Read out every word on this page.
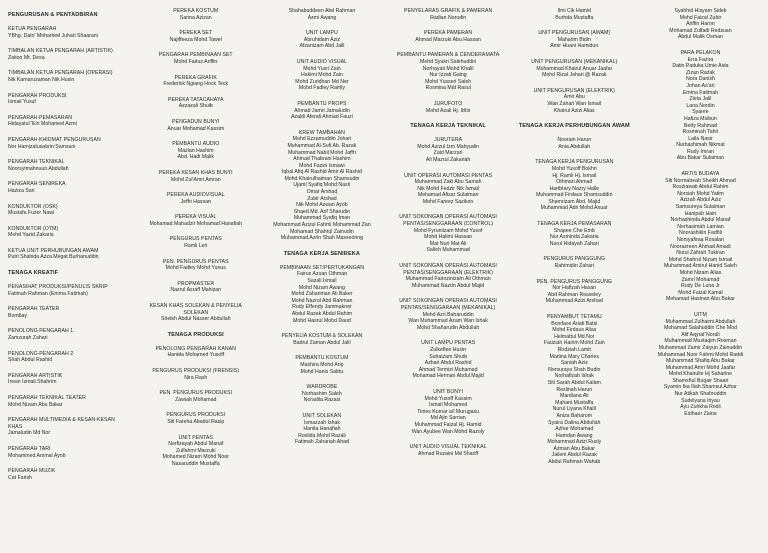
PENGURUSAN & PENTADBIRAN
KETUA PENGARAH
YBhg. Dato' Mohamed Juhari Shaarani
TIMBALAN KETUA PENGARAH (ARTISTIK)
Zaiton Mt. Desa
TIMBALAN KETUA PENGARAH (OPERASI)
Nik Kamaruzaman Nik Husin
PENGARAH PRODUKSI
Ismail Yusuf
PENGARAH PEMASARAN
Hidayatul 'Ein Mohamed Azmi
PENGARAH KHIDMAT PENGURUSAN
Nor Hamizatusabrin Samsuni
PENGARAH TEKNIKAL
Noorsyimahnuun Abdullah
PENGARAH SENIREKA
Haziza Sari
KONDUKTOR (OSK)
Mustafa Fuzer Nawi
KONDUKTOR (OTM)
Mohd Yazid Zakaria
KETUA UNIT PERHUBUNGAN AWAM
Putri Shahida Azza Megat Burhanuddin
TENAGA KREATIF
PENASIHAT PRODUKSI/PENULIS SKRIP
Fatimah Rahman (Emma Fatimah)
PENGARAH TEATER
Bombay
PENOLONG PENGARAH 1
Zamzurah Zahari
PENOLONG PENGARAH 2
Shah Abdul Rashid
PENGARAH ARTISTIK
Irwan Ismail Shahrim
PENGARAH TEKNIKAL TEATER
Mohd Nizam Abu Bakar
PENGARAH MULTIMEDIA & KESAN-KESAN
KHAS
Jamaludin Md Nor
PENGARAH TARI
Mohammed Ammal Ayob
PENGARAH MUZIK
Cat Farish
PEREKA KOSTUM
Sarina Azizan
PEREKA SET
Najiffeeza Mohd Tawel
PENGARAH PEMBINAAN SET
Mohd Fairuz Ariffin
PEREKA GRAFIK
Frederick Ngiang Hock Teck
PEREKA TATACAHAYA
Azzazali Shuib
PENGADUN BUNYI
Anuar Mohamad Kassim
PEMBANTU AUDIO
Mazlan Hashim
Abd. Hadi Malik
PEREKA KESAN KHAS BUNYI
Mohd Zul'Amri Amran
PEREKA AUDIOVISUAL
Jeffri Hassan
PEREKA VISUAL
Mohamad Mahadzir Mohamad Hanafiah
PENGURUS PENTAS
Ramli Leri
PEN. PENGURUS PENTAS
Mohd Fadley Mohd Yunus
PROPMASTER
Nazrul Asraff Mahizan
KESAN KHAS SOLEKAN & PENYELIA
SOLEKAN
Sheikh Abdul Nasser Abdullah
TENAGA PRODUKSI
PENOLONG PENGARAH KANAN
Hanida Mohamed Yusoff
PENGURUS PRODUKSI (FRENSIS)
Nira Rash
PEN. PENGURUS PRODUKSI
Zawiah Mohamad
PENGURUS PRODUKSI
Siti Fareha Abadul Rasip
UNIT PENTAS
Norfizayah Abdul Manaf
Zulfahmi Marzuki
Mohamed Nizam Mohd Noor
Nasaruddin Mustaffa
Shahabuddeen Abd Rahman
Azmi Awang
UNIT LAMPU
Abruhidam Aziz
Afzanizam Abd Jalil
UNIT AUDIO VISUAL
Mohd Yusri Zain
Hakimi Mohd Zain
Mohd Zuridhan Md Nor
Mohd Fadley Ramly
PEMBANTU PROPS
Ahmad Jamri Jamaludin
Azaldi Afendi Ahmad Fauzi
KREW TAMBAHAN
Mohd Ezzamuddin Johari
Muhammad Al-Sufi Ab. Razak
Muhammad Nabil Mohd Jaffri
Ahmad Thabrani Hashim
Mohd Fazwi Ismawi
Iqbal Afiq Al Rashid Amir Al Rashid
Mohd Khairulhaiman Shamsudin
Ujaml Syafiq Mohd Nasri
Omar Arshad
Zubir Arshad
Nik Mohd Azwan Ayob
Shaed Md. Arif Sharudin
Muhammad Syafiq Iman
Mohammad Azizul Fahmi Mohammad Zan
Mohamad Shahrul Zainudin
Muhammad Azrin Shah Masseoring
TENAGA KERJA SENIREKA
PEMBINAAN SET/PERTUKANGAN
Fairus Azuan Othman
Sazali Ismail
Mohd Nizam Awang
Mohd Zahariman Ali Baker
Mohd Nazrul Abd Rahman
Rudy Effendy Jammaknor
Abdul Razak Abdul Rahim
Mohd Hasrul Mohd Daud
PENYELIA KOSTUM & SOLEKAN
Badrul Zaman Abdul Jalil
PEMBANTU KOSTUM
Mashira Mohd Arip
Mohd Hanis Sabtu
WARDROBE
Norhashim Saleh
Noradila Razasi
UNIT SOLEKAN
Ismazzah Ishak
Hanita Hanafiah
Roslida Mohd Razali
Fatimah Zahariah Ahad
PENYELARAS GRAFIK & PAMERAN
Radian Norudin
PEREKA PAMERAN
Ahmad Marzuki Abu Hassan
PEMBANTU PAMERAN & CENDERAMATA
Mohd Syukri Salehuddin
Norhayati Mohd Khalil
Nur Izzati Gaing
Mohd Yusseri Saleh
Rosmina Mat Rasul
JURUFOTO
Mohd Azali Hj. Idris
TENAGA KERJA TEKNIKAL
JURUTERA
Mohd Azizul Izm Mahyudin
Zaid Marzan
Ali Mazrul Zakariah
UNIT OPERASI AUTOMASI PENTAS
Muhammad Zaki Abu Samah
Nik Mohd Fedzir Nik Ismail
Mohamad Afizar Sulaiman
Mohd Fareez Sazikon
UNIT SOKONGAN OPERASI AUTOMASI
PENTAS/SENGGARAAN (CONTROL)
Mohd Fyruniizam Mohd Yusof
Mohd Halimi Hassan
Mat Nuri Mat Ali
Salleh Muhammad
UNIT SOKONGAN OPERASI AUTOMASI
PENTAS/SENGGARAAN (ELEKTRIK)
Muhammad Fairozinizam Ali Othman
Muhammad Nazrin Abdul Majid
UNIT SOKONGAN OPERASI AUTOMASI
PENTAS/SENGGARAAN (MEKANIKAL)
Mohd Azri Baharuddin
Wan Muhammad Azam Wan Ishak
Mohd Shaharudin Abdullah
UNIT LAMPU PENTAS
Zulkeflee Husin
Suhaizam Shuib
Azhari Abdul Rashid
Ahmad Termizi Muhamad
Mohamad Herman Abdul Majid
UNIT BUNYI
Mohd Yusoff Kassim
Ismail Mohamed
Tinies Kumar a/l Murugasu
Md Ajin Sarnan
Muhammad Faizal Hj. Hamid
Wan Ayubee Wan Mohd Razoly
UNIT AUDIO VISUAL TEKNIKAL
Ahmad Ruzaini Md Shariff
Ilmi Cik Hamid
Burhda Mustaffa
UNIT PENGURUSAN (AWAM)
Maharim Bidin
Amir Huani Hamidun
UNIT PENGURUSAN (MEKANIKAL)
Muhammad Khairul Anuar Jaafar
Mohd Rizal Johari @ Razak
UNIT PENGURUSAN (ELEKTRIK)
Amir Abu
Wan Zahari Wan Ismail
Khairul Azizi Alias
TENAGA KERJA PERHUBUNGAN AWAM
Noorain Harun
Ania Abdullah
TENAGA KERJA PENGURUSAN
Mohd Yusoff Bokhri
Hj. Ramli Hj. Ismail
Othman Ahmad
Hartbtary Nazry Halle
Muhammad Firdaus Shamsuddin
Shamrizam Abd. Majid
Muhammad Adri Mohd Anuar
TENAGA KERJA PEMASARAN
Shapee Che Emb
Nur Asminda Zakaria
Nurul Hidayah Zahari
PENGURUS PANGGUNG
Rahimidin Zahari
PEN. PENGURUS PANGGUNG
Nor Hafizah Hasan
Abd Rahman Rosseley
Muhammad Azizi Arshad
PENYAMBUT TETAMU
Boniface Ariati Batsi
Mohd Firdaus Alias
Helmattul Md Nor
Fauziah Hairim Mohd Zain
Rodziah Lamit
Marlina Mary Charles
Saniah Aziz
Norsuraya Shah Budin
Norhafizah Ishak
Siti Sarah Abdul Kalam
Roslinah Harun
Mardiana Ali
Mahani Mustaffa
Nurul Liyana Khalil
Aniza Baharom
Syaira Dalina Abdullah
Azhar Mohamad
Hamdan Awang
Mohammad Azizi Rusly
Azman Abu Bakar
Jaileni Abdul Razak
Abdul Rahman Wahab
Syahhid Hisyam Sidek
Mohd Faizal Zubir
Ariffin Haron
Mohamad Zulfadi Redzuan
Abdul Malik Osman
PARA PELAKON
Erra Fazira
Datin Paduka Umie Aida
Zizan Razak
Nora Danish
Johan As'ari
Emma Fatimah
Zieta Jalil
Lana Nordin
Syaree
Hafiza Misbun
Betty Rahmad
Rosminah Tahir
Laila Nasir
Nurhashimah Nikmat
Rudy Imran
Abu Bakar Sulaiman
ARTIS BUDAYA
Siti Normabeah Sheikh Ahmad
Rosziawati Abdul Rahim
Norsiah Mohd Yatim
Azizah Abdul Aziz
Samsureya Sulaiman
Hanipah Hairi
Norhashinda Abdul Manaf
Norhasimah Lamian
Noorashikin Fadhli
Norsyafiraa Rosalan
Noorazreen Ahmad Amadi
Nurul Zafirah Tukiran
Mohd Shahrul Nizam Ismail
Muhammad Amirul Hanid Saleh
Mohd Nizam Alias
Zamri Mohamad
Rudy De Luna Jr
Mohd Faizal Kamal
Mohamad Hasinan Abu Bakar
UITM
Muhammad Zulhaimi Abdullah
Mohamad Salahuddin Che Mod
Alif Aqyraf Norali
Muhammad Mustaqim Rosman
Muhammad Zamir Zaiyun Zainuddin
Muhammad Noor Fahmi Mohd Raddi
Muhammad Shafiq Abu Bakar
Muhammad Amri Mohd Jaafar
Mohd Khairulle Hj Saharine
Shamshul Buqair Shaari
Syamin Ika Iliah Shamsul Azhar
Nur Atikah Shahruddin
Sudelyana Iriyau
Ayu Zurikha Rosli
Esthaer Zaino
